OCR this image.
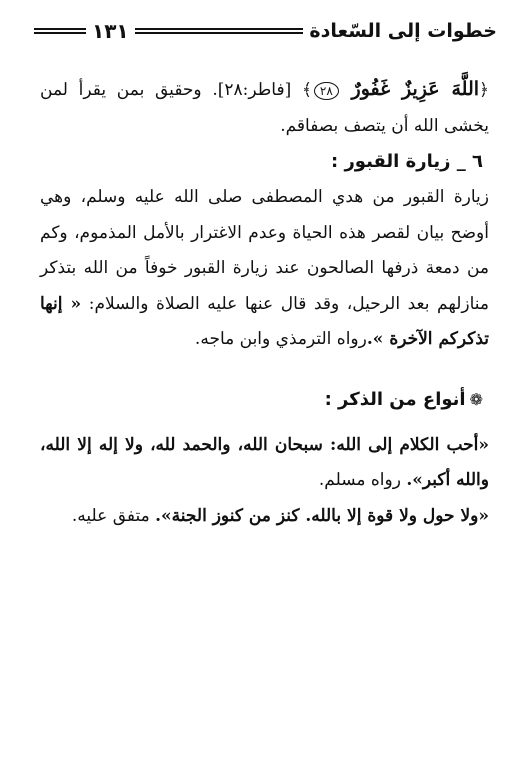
خطوات إلى السّعادة
١٣١

﴿اللَّهَ عَزِيزٌ غَفُورٌ ٢٨﴾ [فاطر:٢٨]. وحقيق بمن يقرأ لمن يخشى الله أن يتصف بصفاقم.

٦ _ زيارة القبور :

زيارة القبور من هدي المصطفى صلى الله عليه وسلم، وهي أوضح بيان لقصر هذه الحياة وعدم الاغترار بالأمل المذموم، وكم من دمعة ذرفها الصالحون عند زيارة القبور خوفاً من الله بتذكر منازلهم بعد الرحيل، وقد قال عنها عليه الصلاة والسلام: « إنها تذكركم الآخرة ».رواه الترمذي وابن ماجه.

❁أنواع من الذكر :

«أحب الكلام إلى الله: سبحان الله، والحمد لله، ولا إله إلا الله، والله أكبر». رواه مسلم.

«ولا حول ولا قوة إلا بالله. كنز من كنوز الجنة». متفق عليه.
